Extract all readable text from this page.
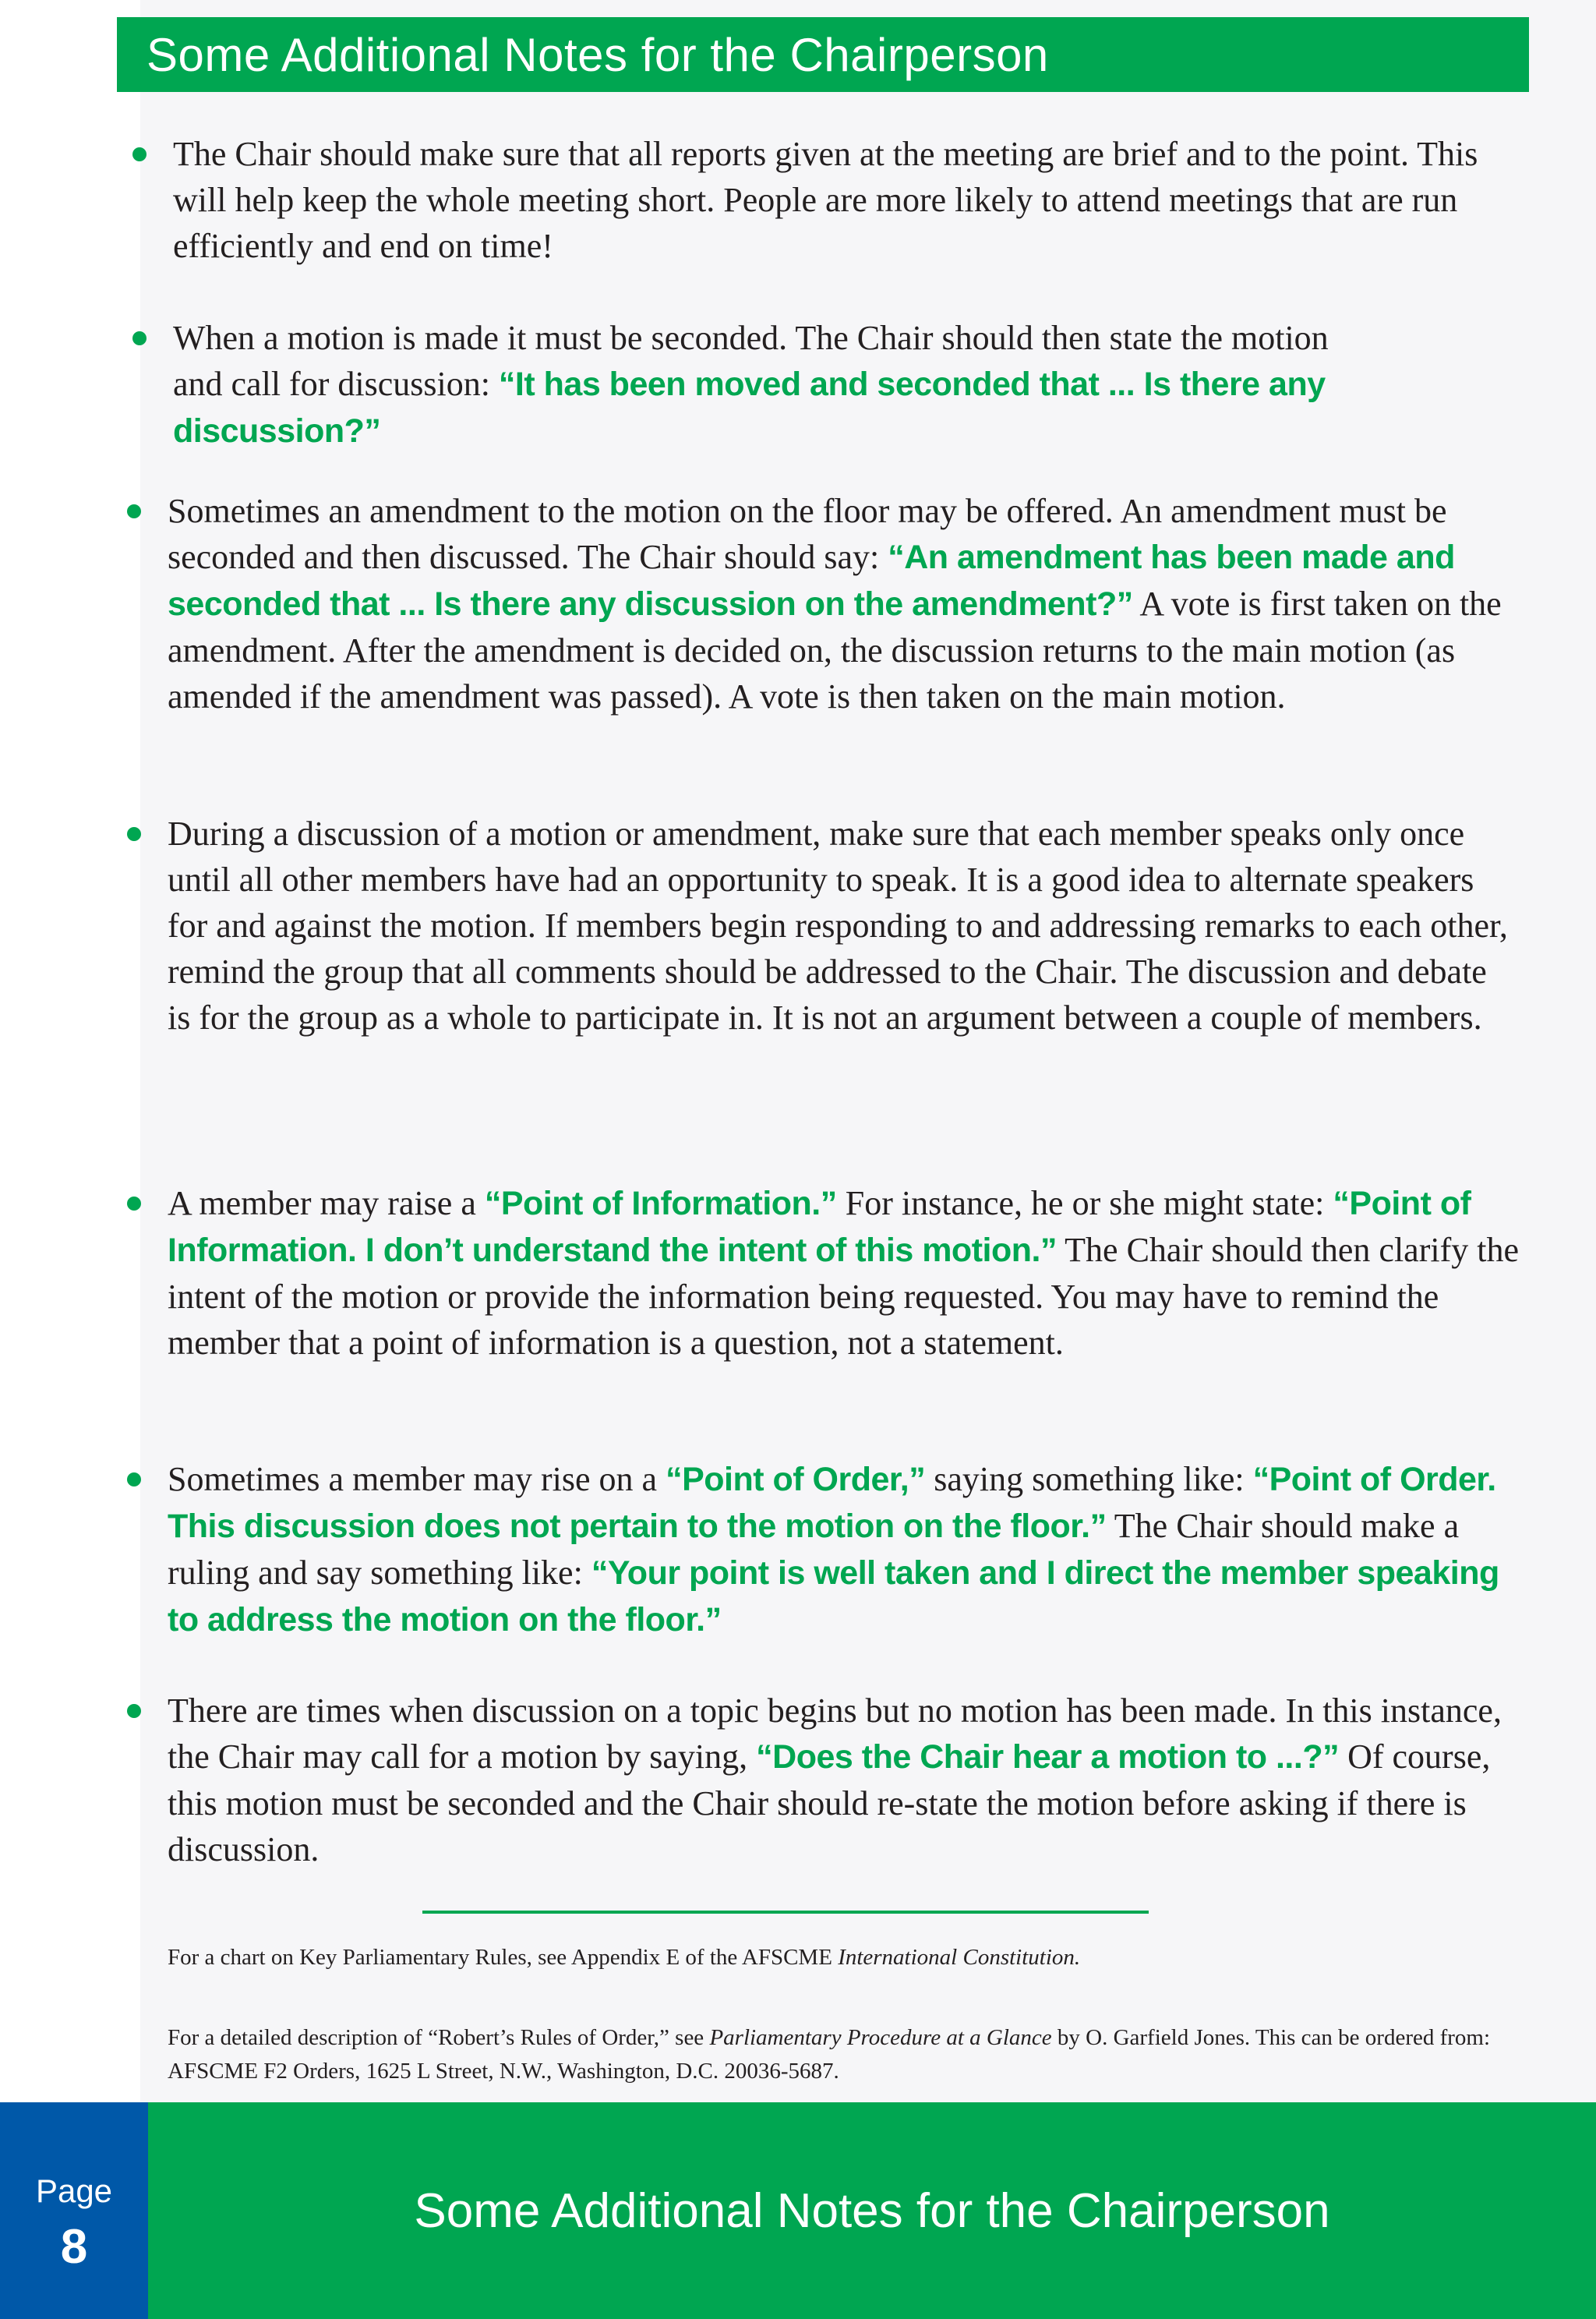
Some Additional Notes for the Chairperson
The Chair should make sure that all reports given at the meeting are brief and to the point. This will help keep the whole meeting short. People are more likely to attend meetings that are run efficiently and end on time!
When a motion is made it must be seconded. The Chair should then state the motion and call for discussion: “It has been moved and seconded that ... Is there any discussion?”
Sometimes an amendment to the motion on the floor may be offered. An amendment must be seconded and then discussed. The Chair should say: “An amendment has been made and seconded that ... Is there any discussion on the amendment?” A vote is first taken on the amendment. After the amendment is decided on, the discussion returns to the main motion (as amended if the amendment was passed). A vote is then taken on the main motion.
During a discussion of a motion or amendment, make sure that each member speaks only once until all other members have had an opportunity to speak. It is a good idea to alternate speakers for and against the motion. If members begin responding to and addressing remarks to each other, remind the group that all comments should be addressed to the Chair. The discussion and debate is for the group as a whole to participate in. It is not an argument between a couple of members.
A member may raise a “Point of Information.” For instance, he or she might state: “Point of Information. I don’t understand the intent of this motion.” The Chair should then clarify the intent of the motion or provide the information being requested. You may have to remind the member that a point of information is a question, not a statement.
Sometimes a member may rise on a “Point of Order,” saying something like: “Point of Order. This discussion does not pertain to the motion on the floor.” The Chair should make a ruling and say something like: “Your point is well taken and I direct the member speaking to address the motion on the floor.”
There are times when discussion on a topic begins but no motion has been made. In this instance, the Chair may call for a motion by saying, “Does the Chair hear a motion to ...?” Of course, this motion must be seconded and the Chair should re-state the motion before asking if there is discussion.
For a chart on Key Parliamentary Rules, see Appendix E of the AFSCME International Constitution.
For a detailed description of “Robert’s Rules of Order,” see Parliamentary Procedure at a Glance by O. Garfield Jones. This can be ordered from: AFSCME F2 Orders, 1625 L Street, N.W., Washington, D.C. 20036-5687.
Page
8
Some Additional Notes for the Chairperson
